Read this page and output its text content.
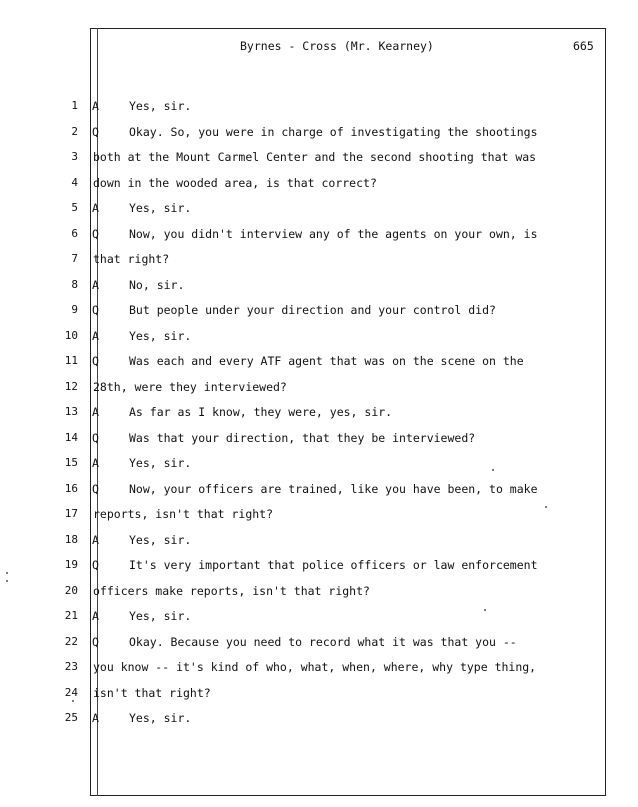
Byrnes - Cross (Mr. Kearney)	665
1 A	Yes, sir.
2 Q	Okay. So, you were in charge of investigating the shootings
3 both at the Mount Carmel Center and the second shooting that was
4 down in the wooded area, is that correct?
5 A	Yes, sir.
6 Q	Now, you didn't interview any of the agents on your own, is
7 that right?
8 A	No, sir.
9 Q	But people under your direction and your control did?
10 A	Yes, sir.
11 Q	Was each and every ATF agent that was on the scene on the
12 28th, were they interviewed?
13 A	As far as I know, they were, yes, sir.
14 Q	Was that your direction, that they be interviewed?
15 A	Yes, sir.
16 Q	Now, your officers are trained, like you have been, to make
17 reports, isn't that right?
18 A	Yes, sir.
19 Q	It's very important that police officers or law enforcement
20 officers make reports, isn't that right?
21 A	Yes, sir.
22 Q	Okay. Because you need to record what it was that you --
23 you know -- it's kind of who, what, when, where, why type thing,
24 isn't that right?
25 A	Yes, sir.
